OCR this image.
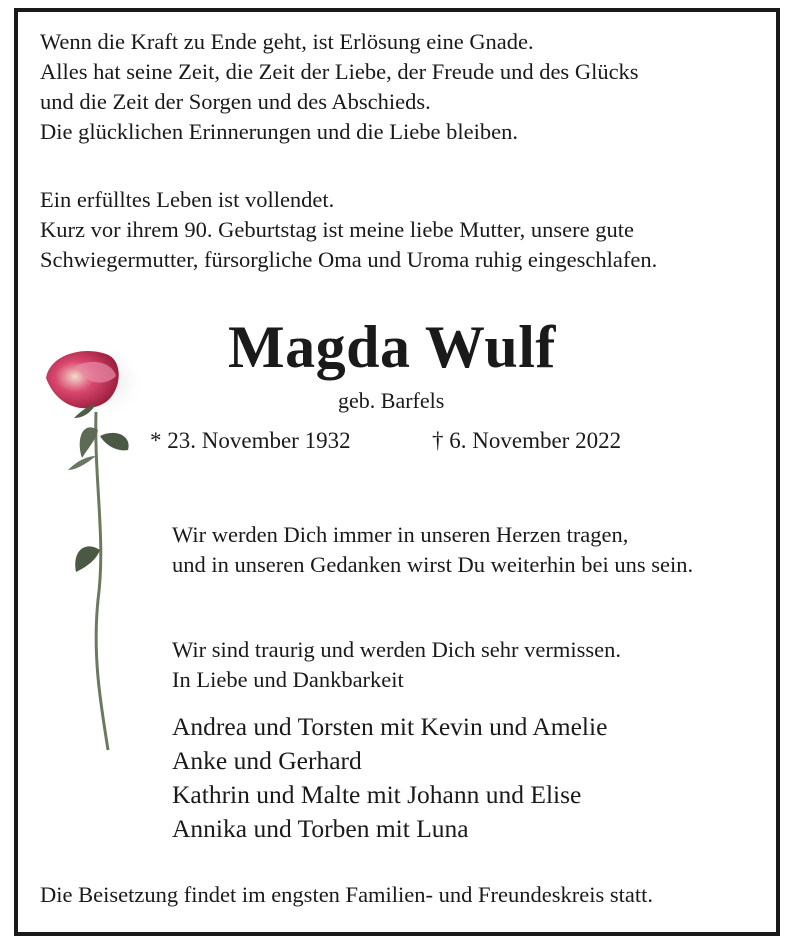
Wenn die Kraft zu Ende geht, ist Erlösung eine Gnade.
Alles hat seine Zeit, die Zeit der Liebe, der Freude und des Glücks
und die Zeit der Sorgen und des Abschieds.
Die glücklichen Erinnerungen und die Liebe bleiben.
Ein erfülltes Leben ist vollendet.
Kurz vor ihrem 90. Geburtstag ist meine liebe Mutter, unsere gute
Schwiegermutter, fürsorgliche Oma und Uroma ruhig eingeschlafen.
Magda Wulf
geb. Barfels
* 23. November 1932	† 6. November 2022
Wir werden Dich immer in unseren Herzen tragen,
und in unseren Gedanken wirst Du weiterhin bei uns sein.
Wir sind traurig und werden Dich sehr vermissen.
In Liebe und Dankbarkeit
Andrea und Torsten mit Kevin und Amelie
Anke und Gerhard
Kathrin und Malte mit Johann und Elise
Annika und Torben mit Luna
Die Beisetzung findet im engsten Familien- und Freundeskreis statt.
